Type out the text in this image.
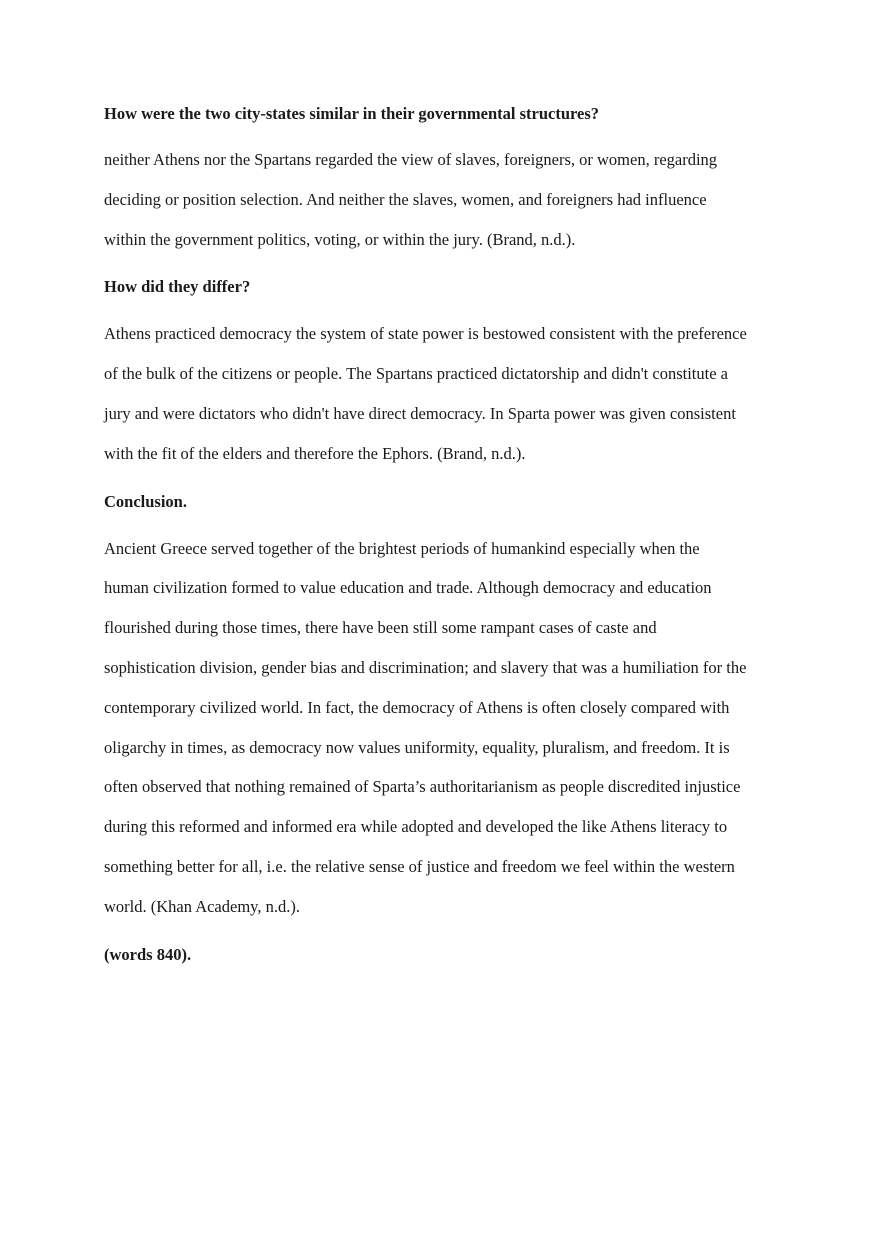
How were the two city-states similar in their governmental structures?

neither Athens nor the Spartans regarded the view of slaves, foreigners, or women, regarding
deciding or position selection. And neither the slaves, women, and foreigners had influence
within the government politics, voting, or within the jury. (Brand, n.d.).

How did they differ?

Athens practiced democracy the system of state power is bestowed consistent with the preference
of the bulk of the citizens or people. The Spartans practiced dictatorship and didn't constitute a
jury and were dictators who didn't have direct democracy. In Sparta power was given consistent
with the fit of the elders and therefore the Ephors. (Brand, n.d.).

Conclusion.

Ancient Greece served together of the brightest periods of humankind especially when the
human civilization formed to value education and trade. Although democracy and education
flourished during those times, there have been still some rampant cases of caste and
sophistication division, gender bias and discrimination; and slavery that was a humiliation for the
contemporary civilized world. In fact, the democracy of Athens is often closely compared with
oligarchy in times, as democracy now values uniformity, equality, pluralism, and freedom. It is
often observed that nothing remained of Sparta’s authoritarianism as people discredited injustice
during this reformed and informed era while adopted and developed the like Athens literacy to
something better for all, i.e. the relative sense of justice and freedom we feel within the western
world. (Khan Academy, n.d.).

(words 840).
